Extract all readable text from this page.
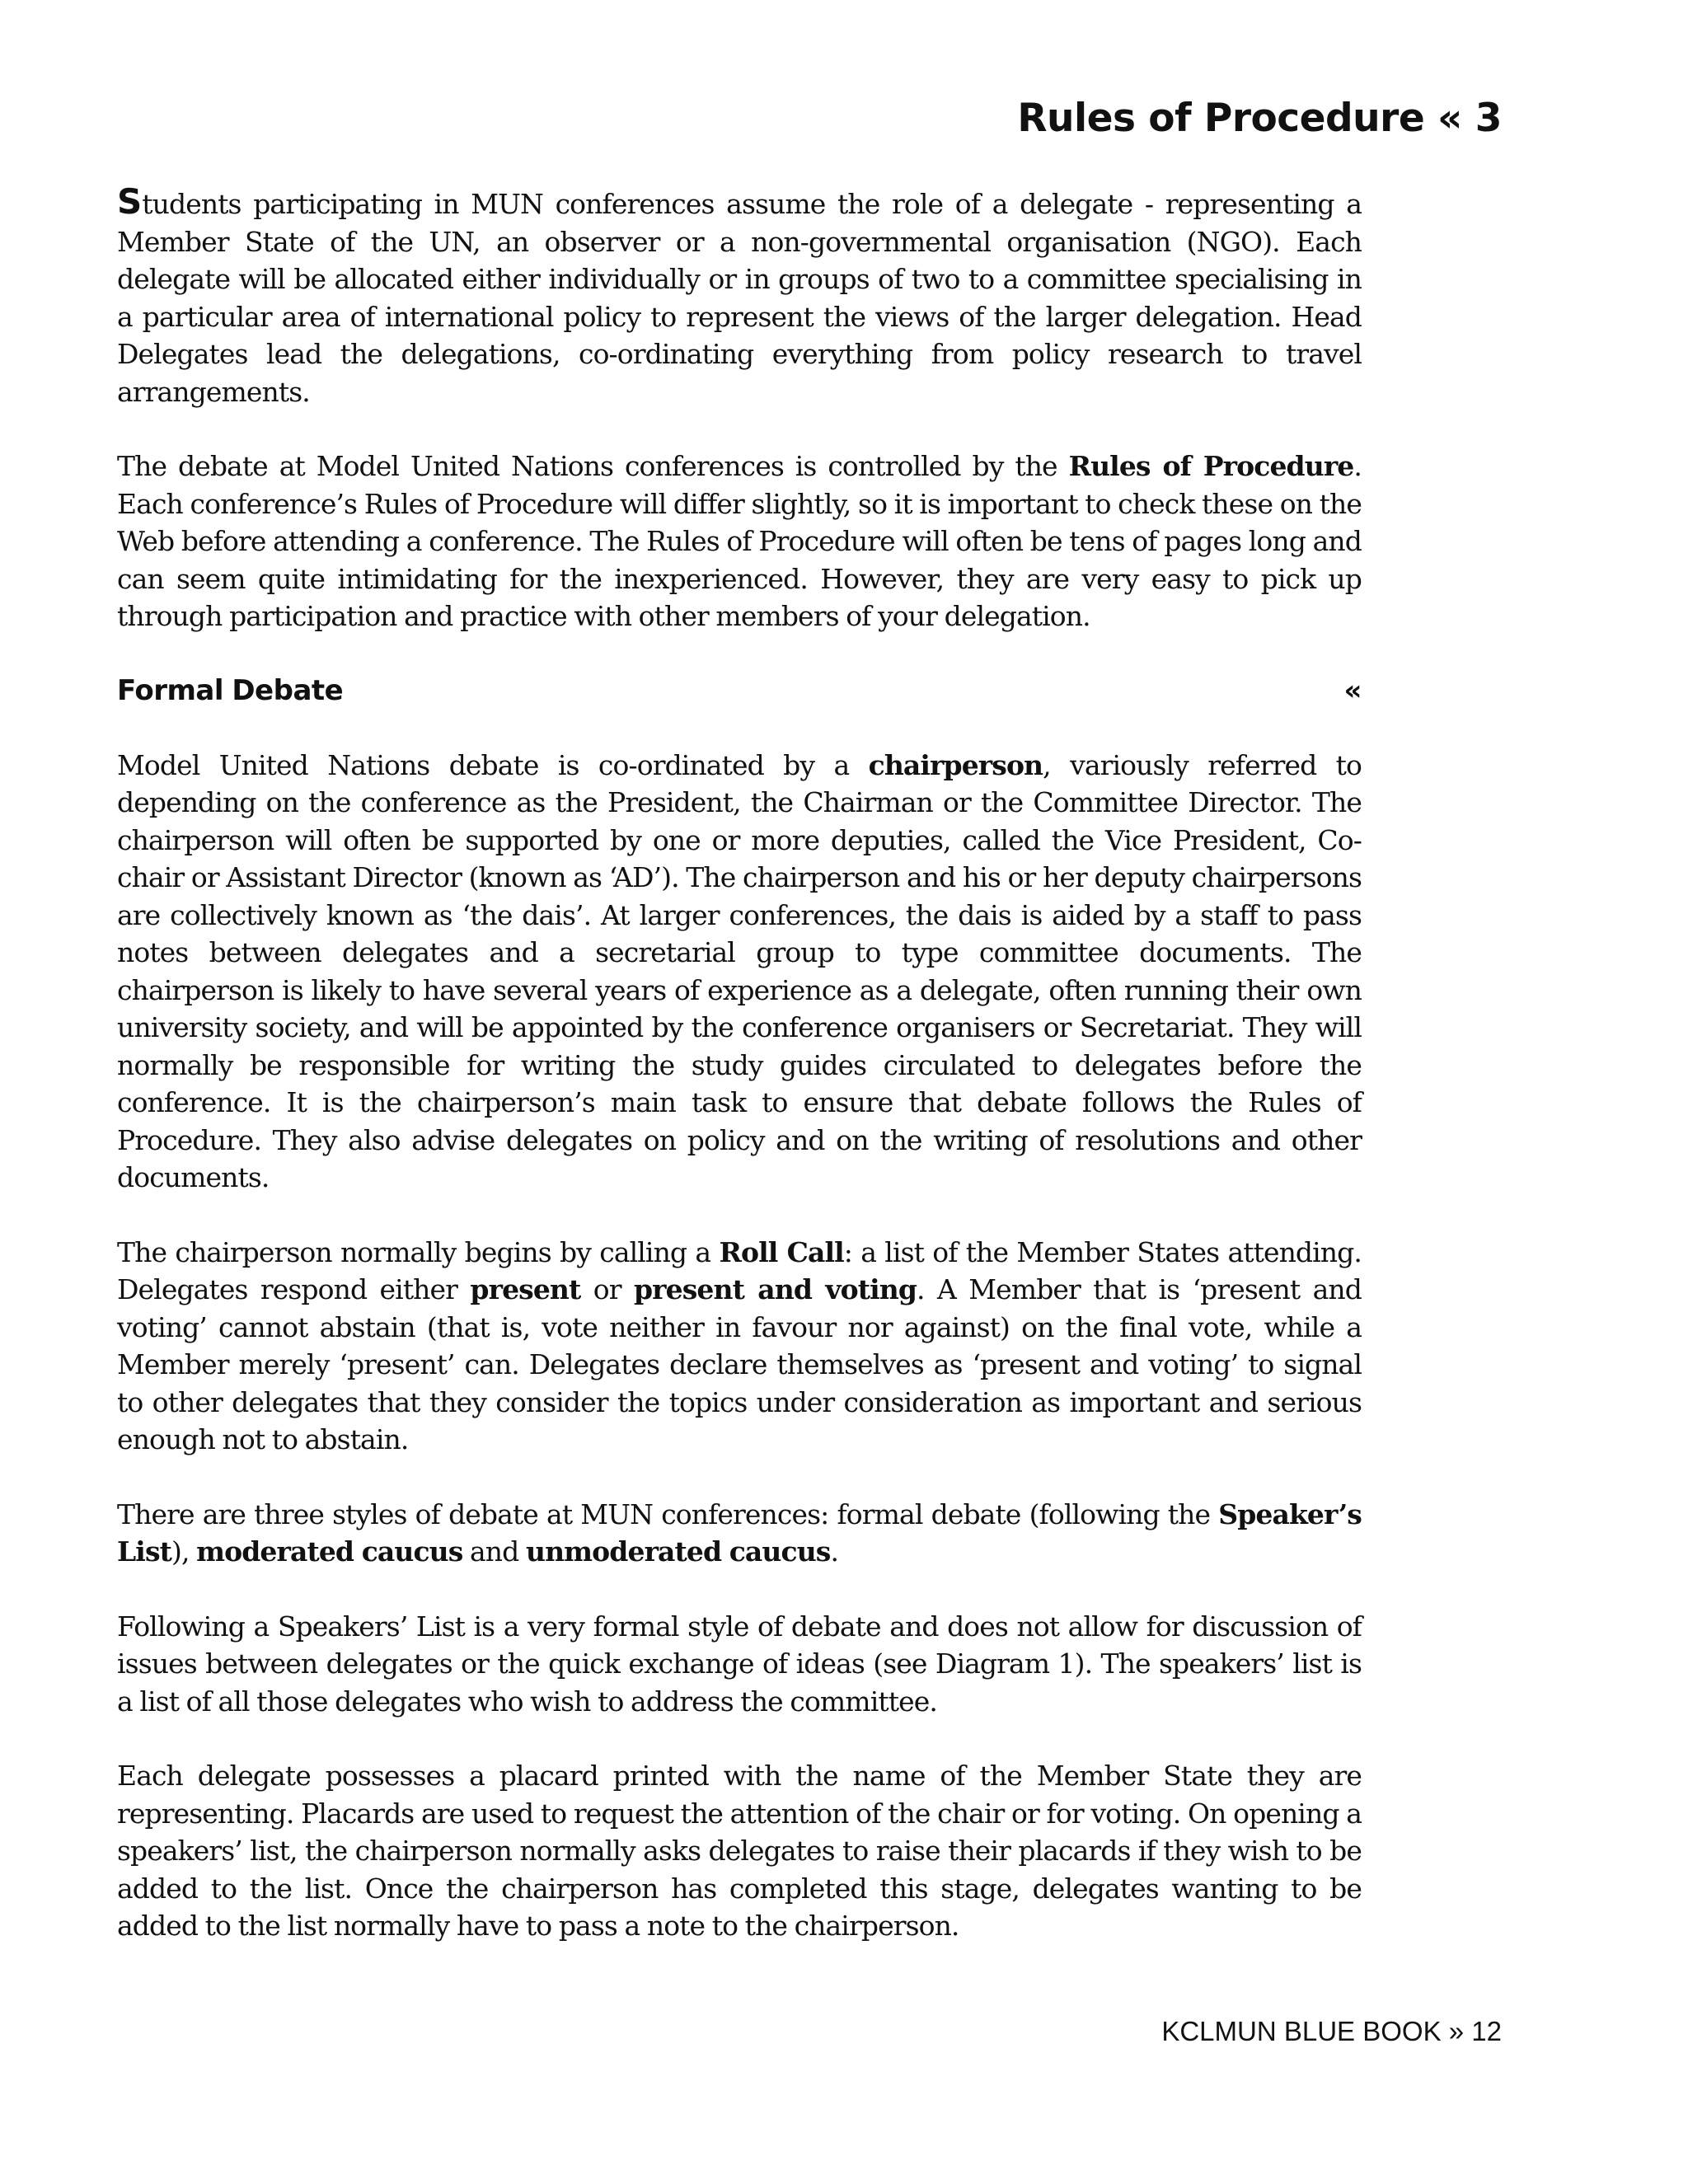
Rules of Procedure « 3

Students participating in MUN conferences assume the role of a delegate - representing a Member State of the UN, an observer or a non-governmental organisation (NGO). Each delegate will be allocated either individually or in groups of two to a committee specialising in a particular area of international policy to represent the views of the larger delegation. Head Delegates lead the delegations, co-ordinating everything from policy research to travel arrangements.

The debate at Model United Nations conferences is controlled by the Rules of Procedure. Each conference’s Rules of Procedure will differ slightly, so it is important to check these on the Web before attending a conference. The Rules of Procedure will often be tens of pages long and can seem quite intimidating for the inexperienced. However, they are very easy to pick up through participation and practice with other members of your delegation.

Formal Debate	«

Model United Nations debate is co-ordinated by a chairperson, variously referred to depending on the conference as the President, the Chairman or the Committee Director. The chairperson will often be supported by one or more deputies, called the Vice President, Co-chair or Assistant Director (known as ‘AD’). The chairperson and his or her deputy chairpersons are collectively known as ‘the dais’. At larger conferences, the dais is aided by a staff to pass notes between delegates and a secretarial group to type committee documents. The chairperson is likely to have several years of experience as a delegate, often running their own university society, and will be appointed by the conference organisers or Secretariat. They will normally be responsible for writing the study guides circulated to delegates before the conference. It is the chairperson’s main task to ensure that debate follows the Rules of Procedure. They also advise delegates on policy and on the writing of resolutions and other documents.

The chairperson normally begins by calling a Roll Call: a list of the Member States attending. Delegates respond either present or present and voting. A Member that is ‘present and voting’ cannot abstain (that is, vote neither in favour nor against) on the final vote, while a Member merely ‘present’ can. Delegates declare themselves as ‘present and voting’ to signal to other delegates that they consider the topics under consideration as important and serious enough not to abstain.

There are three styles of debate at MUN conferences: formal debate (following the Speaker’s List), moderated caucus and unmoderated caucus.

Following a Speakers’ List is a very formal style of debate and does not allow for discussion of issues between delegates or the quick exchange of ideas (see Diagram 1). The speakers’ list is a list of all those delegates who wish to address the committee.

Each delegate possesses a placard printed with the name of the Member State they are representing. Placards are used to request the attention of the chair or for voting. On opening a speakers’ list, the chairperson normally asks delegates to raise their placards if they wish to be added to the list. Once the chairperson has completed this stage, delegates wanting to be added to the list normally have to pass a note to the chairperson.

KCLMUN BLUE BOOK » 12
